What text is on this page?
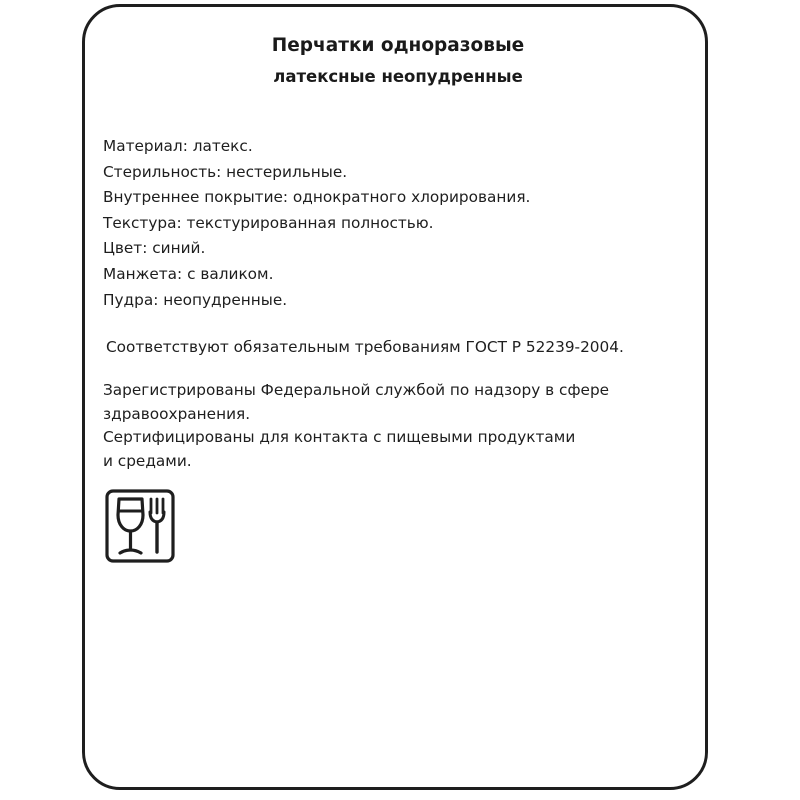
Перчатки одноразовые
латексные неопудренные
Материал: латекс.
Стерильность: нестерильные.
Внутреннее покрытие: однократного хлорирования.
Текстура: текстурированная полностью.
Цвет: синий.
Манжета: с валиком.
Пудра: неопудренные.

Соответствуют обязательным требованиям ГОСТ Р 52239-2004.

Зарегистрированы Федеральной службой по надзору в сфере
здравоохранения.
Сертифицированы для контакта с пищевыми продуктами
и средами.
